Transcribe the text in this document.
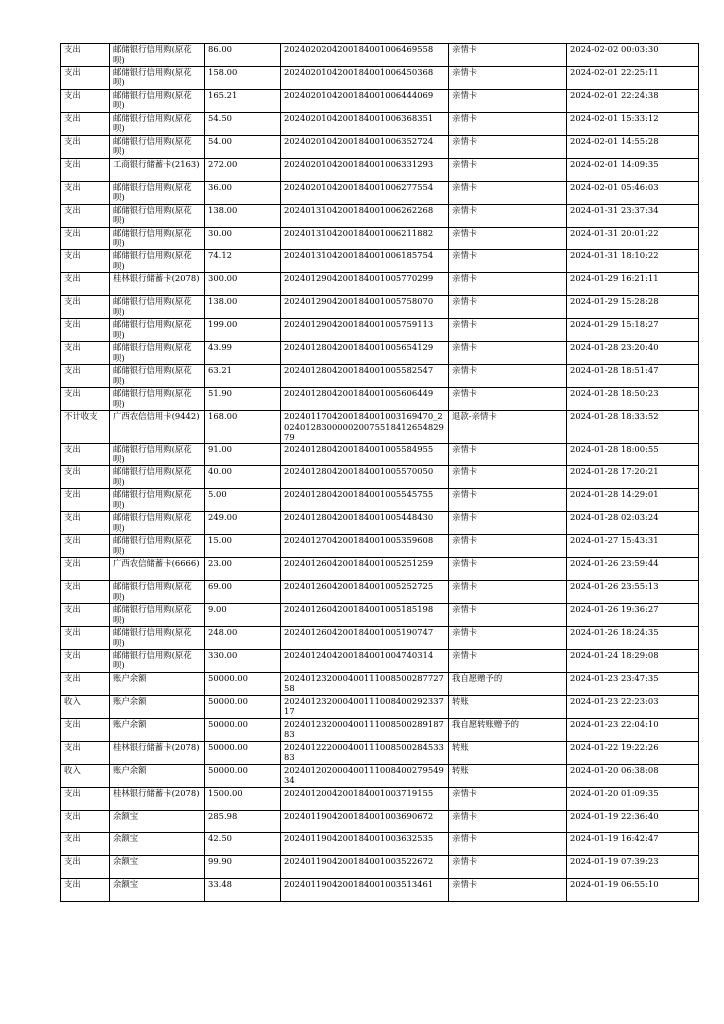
支出	邮储银行信用购(原花呗)	86.00	2024020204200184001006469558	亲情卡	2024-02-02 00:03:30
支出	邮储银行信用购(原花呗)	158.00	2024020104200184001006450368	亲情卡	2024-02-01 22:25:11
支出	邮储银行信用购(原花呗)	165.21	2024020104200184001006444069	亲情卡	2024-02-01 22:24:38
支出	邮储银行信用购(原花呗)	54.50	2024020104200184001006368351	亲情卡	2024-02-01 15:33:12
支出	邮储银行信用购(原花呗)	54.00	2024020104200184001006352724	亲情卡	2024-02-01 14:55:28
支出	工商银行储蓄卡(2163)	272.00	2024020104200184001006331293	亲情卡	2024-02-01 14:09:35
支出	邮储银行信用购(原花呗)	36.00	2024020104200184001006277554	亲情卡	2024-02-01 05:46:03
支出	邮储银行信用购(原花呗)	138.00	2024013104200184001006262268	亲情卡	2024-01-31 23:37:34
支出	邮储银行信用购(原花呗)	30.00	2024013104200184001006211882	亲情卡	2024-01-31 20:01:22
支出	邮储银行信用购(原花呗)	74.12	2024013104200184001006185754	亲情卡	2024-01-31 18:10:22
支出	桂林银行储蓄卡(2078)	300.00	2024012904200184001005770299	亲情卡	2024-01-29 16:21:11
支出	邮储银行信用购(原花呗)	138.00	2024012904200184001005758070	亲情卡	2024-01-29 15:28:28
支出	邮储银行信用购(原花呗)	199.00	2024012904200184001005759113	亲情卡	2024-01-29 15:18:27
支出	邮储银行信用购(原花呗)	43.99	2024012804200184001005654129	亲情卡	2024-01-28 23:20:40
支出	邮储银行信用购(原花呗)	63.21	2024012804200184001005582547	亲情卡	2024-01-28 18:51:47
支出	邮储银行信用购(原花呗)	51.90	2024012804200184001005606449	亲情卡	2024-01-28 18:50:23
不计收支	广西农信信用卡(9442)	168.00	2024011704200184001003169470_2024012830000020075518412654829 79	退款-亲情卡	2024-01-28 18:33:52
支出	邮储银行信用购(原花呗)	91.00	2024012804200184001005584955	亲情卡	2024-01-28 18:00:55
支出	邮储银行信用购(原花呗)	40.00	2024012804200184001005570050	亲情卡	2024-01-28 17:20:21
支出	邮储银行信用购(原花呗)	5.00	2024012804200184001005545755	亲情卡	2024-01-28 14:29:01
支出	邮储银行信用购(原花呗)	249.00	2024012804200184001005448430	亲情卡	2024-01-28 02:03:24
支出	邮储银行信用购(原花呗)	15.00	2024012704200184001005359608	亲情卡	2024-01-27 15:43:31
支出	广西农信储蓄卡(6666)	23.00	2024012604200184001005251259	亲情卡	2024-01-26 23:59:44
支出	邮储银行信用购(原花呗)	69.00	2024012604200184001005252725	亲情卡	2024-01-26 23:55:13
支出	邮储银行信用购(原花呗)	9.00	2024012604200184001005185198	亲情卡	2024-01-26 19:36:27
支出	邮储银行信用购(原花呗)	248.00	2024012604200184001005190747	亲情卡	2024-01-26 18:24:35
支出	邮储银行信用购(原花呗)	330.00	2024012404200184001004740314	亲情卡	2024-01-24 18:29:08
支出	账户余额	50000.00	20240123200040011100850028772758	我自愿赠予的	2024-01-23 23:47:35
收入	账户余额	50000.00	20240123200040011100840029233717	转账	2024-01-23 22:23:03
支出	账户余额	50000.00	20240123200040011100850028918783	我自愿转账赠予的	2024-01-23 22:04:10
支出	桂林银行储蓄卡(2078)	50000.00	20240122200040011100850028453383	转账	2024-01-22 19:22:26
收入	账户余额	50000.00	20240120200040011100840027954934	转账	2024-01-20 06:38:08
支出	桂林银行储蓄卡(2078)	1500.00	2024012004200184001003719155	亲情卡	2024-01-20 01:09:35
支出	余额宝	285.98	2024011904200184001003690672	亲情卡	2024-01-19 22:36:40
支出	余额宝	42.50	2024011904200184001003632535	亲情卡	2024-01-19 16:42:47
支出	余额宝	99.90	2024011904200184001003522672	亲情卡	2024-01-19 07:39:23
支出	余额宝	33.48	2024011904200184001003513461	亲情卡	2024-01-19 06:55:10
